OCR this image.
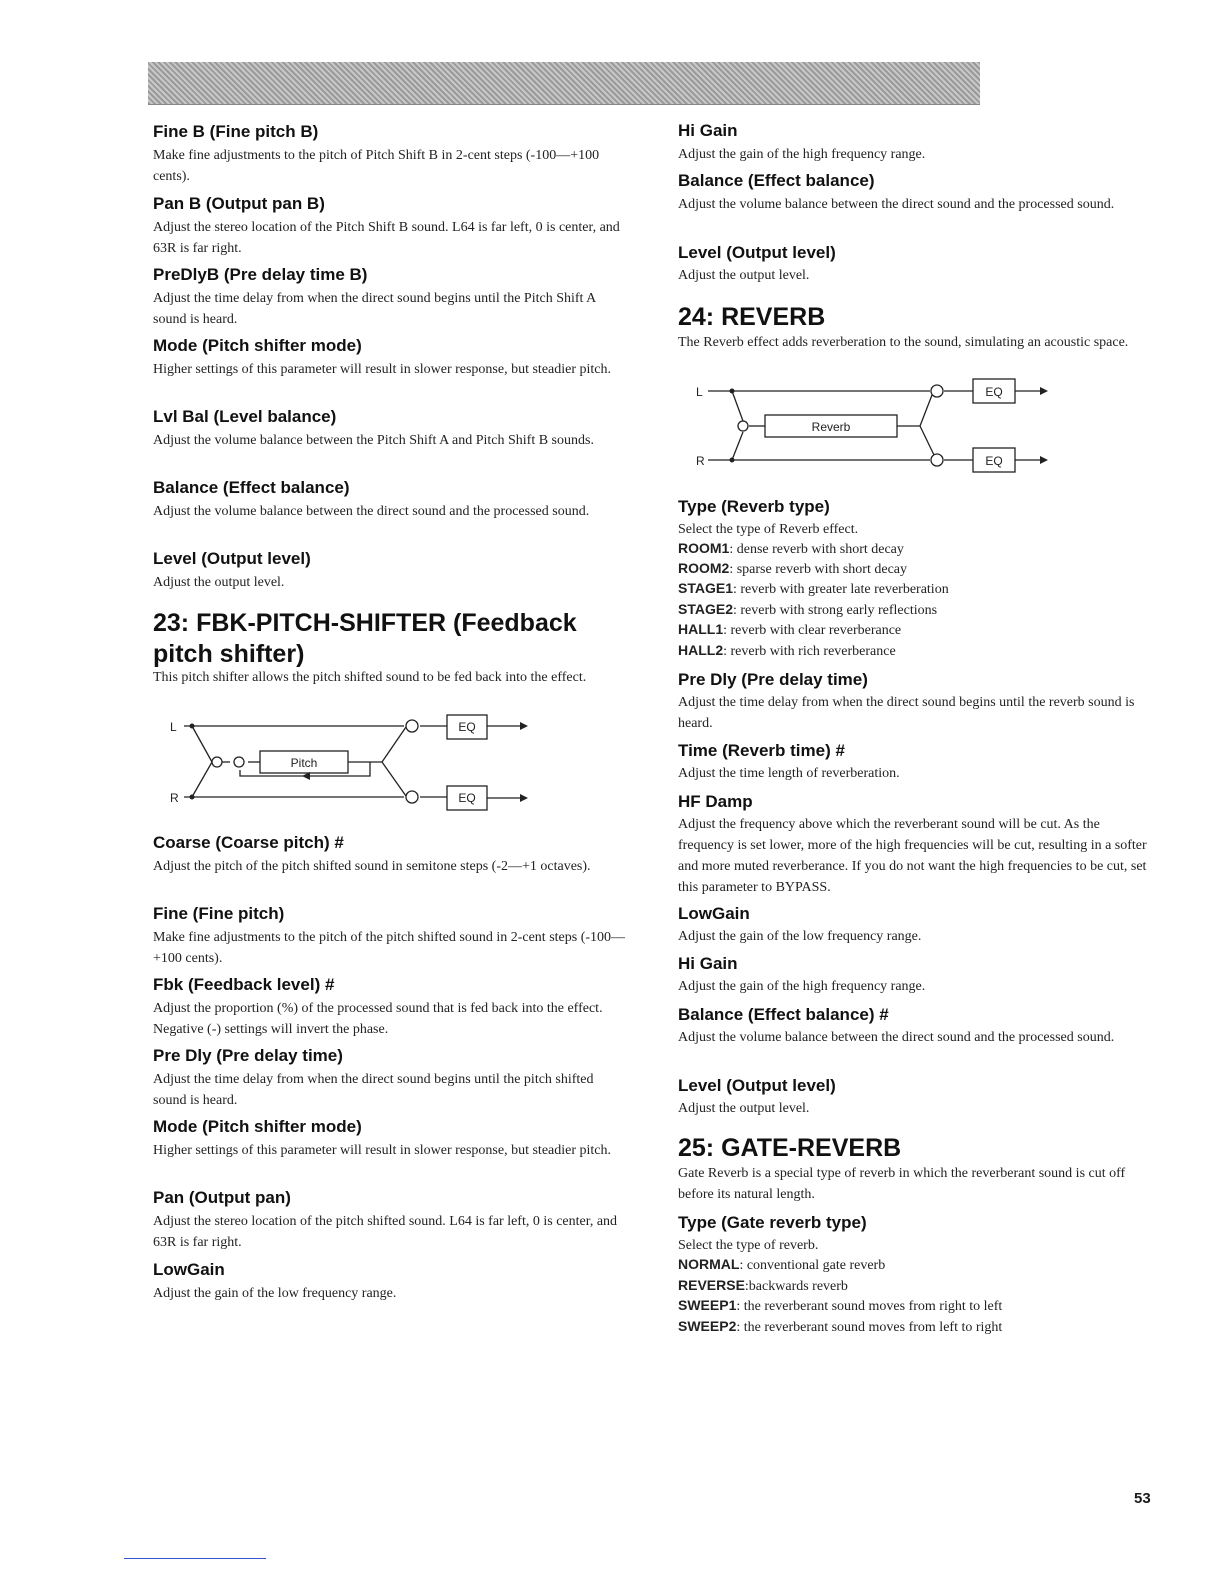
Fine B (Fine pitch B)
Make fine adjustments to the pitch of Pitch Shift B in 2-cent steps (-100—+100 cents).
Pan B (Output pan B)
Adjust the stereo location of the Pitch Shift B sound. L64 is far left, 0 is center, and 63R is far right.
PreDlyB (Pre delay time B)
Adjust the time delay from when the direct sound begins until the Pitch Shift A sound is heard.
Mode (Pitch shifter mode)
Higher settings of this parameter will result in slower response, but steadier pitch.
Lvl Bal (Level balance)
Adjust the volume balance between the Pitch Shift A and Pitch Shift B sounds.
Balance (Effect balance)
Adjust the volume balance between the direct sound and the processed sound.
Level (Output level)
Adjust the output level.
23: FBK-PITCH-SHIFTER (Feedback pitch shifter)
This pitch shifter allows the pitch shifted sound to be fed back into the effect.
L
R
Pitch
EQ
EQ
Coarse (Coarse pitch) #
Adjust the pitch of the pitch shifted sound in semitone steps (-2—+1 octaves).
Fine (Fine pitch)
Make fine adjustments to the pitch of the pitch shifted sound in 2-cent steps (-100—+100 cents).
Fbk (Feedback level) #
Adjust the proportion (%) of the processed sound that is fed back into the effect. Negative (-) settings will invert the phase.
Pre Dly (Pre delay time)
Adjust the time delay from when the direct sound begins until the pitch shifted sound is heard.
Mode (Pitch shifter mode)
Higher settings of this parameter will result in slower response, but steadier pitch.
Pan (Output pan)
Adjust the stereo location of the pitch shifted sound. L64 is far left, 0 is center, and 63R is far right.
LowGain
Adjust the gain of the low frequency range.
Hi Gain
Adjust the gain of the high frequency range.
Balance (Effect balance)
Adjust the volume balance between the direct sound and the processed sound.
Level (Output level)
Adjust the output level.
24: REVERB
The Reverb effect adds reverberation to the sound, simulating an acoustic space.
L
R
Reverb
EQ
EQ
Type (Reverb type)
Select the type of Reverb effect.
ROOM1: dense reverb with short decay
ROOM2: sparse reverb with short decay
STAGE1: reverb with greater late reverberation
STAGE2: reverb with strong early reflections
HALL1: reverb with clear reverberance
HALL2: reverb with rich reverberance
Pre Dly (Pre delay time)
Adjust the time delay from when the direct sound begins until the reverb sound is heard.
Time (Reverb time) #
Adjust the time length of reverberation.
HF Damp
Adjust the frequency above which the reverberant sound will be cut. As the frequency is set lower, more of the high frequencies will be cut, resulting in a softer and more muted reverberance. If you do not want the high frequencies to be cut, set this parameter to BYPASS.
LowGain
Adjust the gain of the low frequency range.
Hi Gain
Adjust the gain of the high frequency range.
Balance (Effect balance) #
Adjust the volume balance between the direct sound and the processed sound.
Level (Output level)
Adjust the output level.
25: GATE-REVERB
Gate Reverb is a special type of reverb in which the reverberant sound is cut off before its natural length.
Type (Gate reverb type)
Select the type of reverb.
NORMAL: conventional gate reverb
REVERSE:backwards reverb
SWEEP1: the reverberant sound moves from right to left
SWEEP2: the reverberant sound moves from left to right
53
